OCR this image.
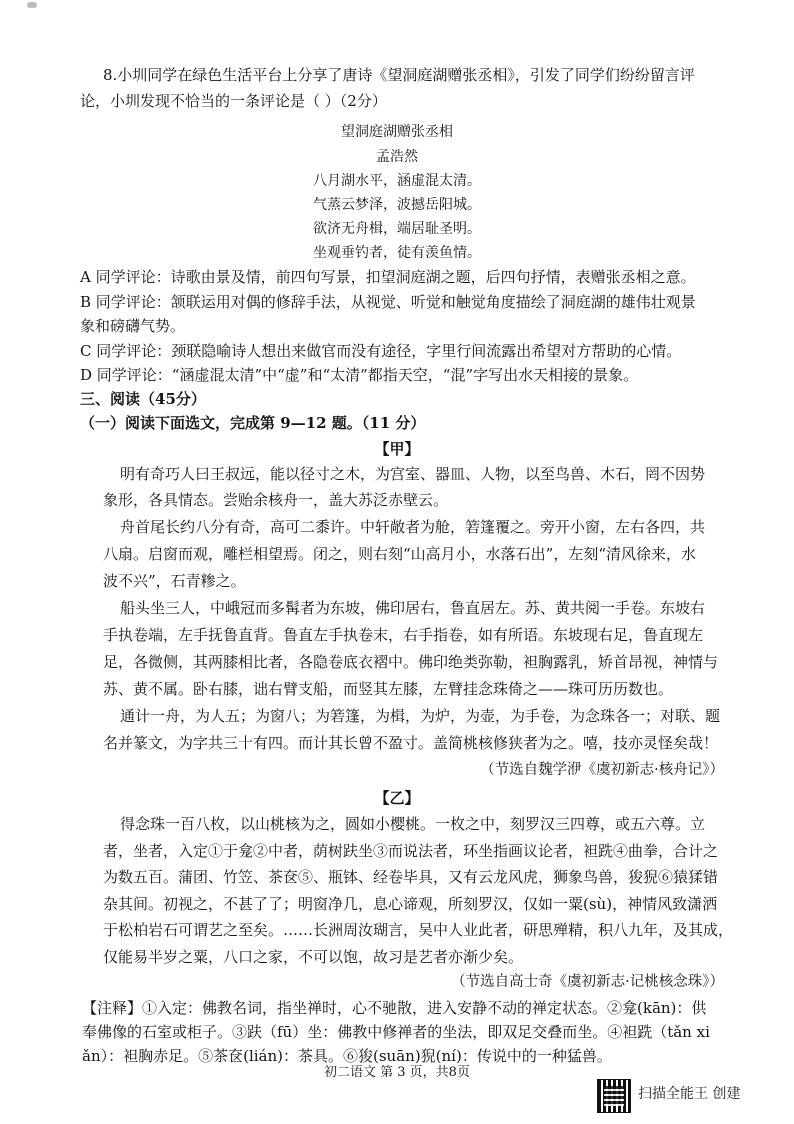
8.小圳同学在绿色生活平台上分享了唐诗《望洞庭湖赠张丞相》，引发了同学们纷纷留言评
论，小圳发现不恰当的一条评论是（ ）（2分）
望洞庭湖赠张丞相
孟浩然
八月湖水平，涵虚混太清。
气蒸云梦泽，波撼岳阳城。
欲济无舟楫，端居耻圣明。
坐观垂钓者，徒有羡鱼情。
A 同学评论：诗歌由景及情，前四句写景，扣望洞庭湖之题，后四句抒情，表赠张丞相之意。
B 同学评论：颔联运用对偶的修辞手法，从视觉、听觉和触觉角度描绘了洞庭湖的雄伟壮观景
象和磅礴气势。
C 同学评论：颈联隐喻诗人想出来做官而没有途径，字里行间流露出希望对方帮助的心情。
D 同学评论：“涵虚混太清”中“虚”和“太清”都指天空，“混”字写出水天相接的景象。
三、阅读（45分）
（一）阅读下面选文，完成第 9—12 题。（11 分）
【甲】
明有奇巧人曰王叔远，能以径寸之木，为宫室、器皿、人物，以至鸟兽、木石，罔不因势
象形，各具情态。尝贻余核舟一，盖大苏泛赤壁云。
舟首尾长约八分有奇，高可二黍许。中轩敞者为舱，箬篷覆之。旁开小窗，左右各四，共
八扇。启窗而观，雕栏相望焉。闭之，则右刻“山高月小，水落石出”，左刻“清风徐来，水
波不兴”，石青糁之。
船头坐三人，中峨冠而多髯者为东坡，佛印居右，鲁直居左。苏、黄共阅一手卷。东坡右
手执卷端，左手抚鲁直背。鲁直左手执卷末，右手指卷，如有所语。东坡现右足，鲁直现左
足，各微侧，其两膝相比者，各隐卷底衣褶中。佛印绝类弥勒，袒胸露乳，矫首昂视，神情与
苏、黄不属。卧右膝，诎右臂支船，而竖其左膝，左臂挂念珠倚之——珠可历历数也。
通计一舟，为人五；为窗八；为箬篷，为楫，为炉，为壶，为手卷，为念珠各一；对联、题
名并篆文，为字共三十有四。而计其长曾不盈寸。盖简桃核修狭者为之。嘻，技亦灵怪矣哉！
（节选自魏学洢《虞初新志·核舟记》）
【乙】
得念珠一百八枚，以山桃核为之，圆如小樱桃。一枚之中，刻罗汉三四尊，或五六尊。立
者，坐者，入定①于龛②中者，荫树趺坐③而说法者，环坐指画议论者，袒跣④曲拳，合计之
为数五百。蒲团、竹笠、茶奁⑤、瓶钵、经卷毕具，又有云龙风虎，狮象鸟兽，狻猊⑥猿猱错
杂其间。初视之，不甚了了；明窗净几，息心谛观，所刻罗汉，仅如一粟(sù)，神情风致潇洒
于松柏岩石可谓艺之至矣。……长洲周汝瑚言，吴中人业此者，研思殚精，积八九年，及其成，
仅能易半岁之粟，八口之家，不可以饱，故习是艺者亦渐少矣。
（节选自高士奇《虞初新志·记桃核念珠》）
【注释】①入定：佛教名词，指坐禅时，心不驰散，进入安静不动的禅定状态。②龛(kān)：供
奉佛像的石室或柜子。③趺（fū）坐：佛教中修禅者的坐法，即双足交叠而坐。④袒跣（tǎn xi
ǎn）：袒胸赤足。⑤茶奁(lián)：茶具。⑥狻(suān)猊(ní)：传说中的一种猛兽。
初二语文 第 3 页，共8页
扫描全能王 创建
